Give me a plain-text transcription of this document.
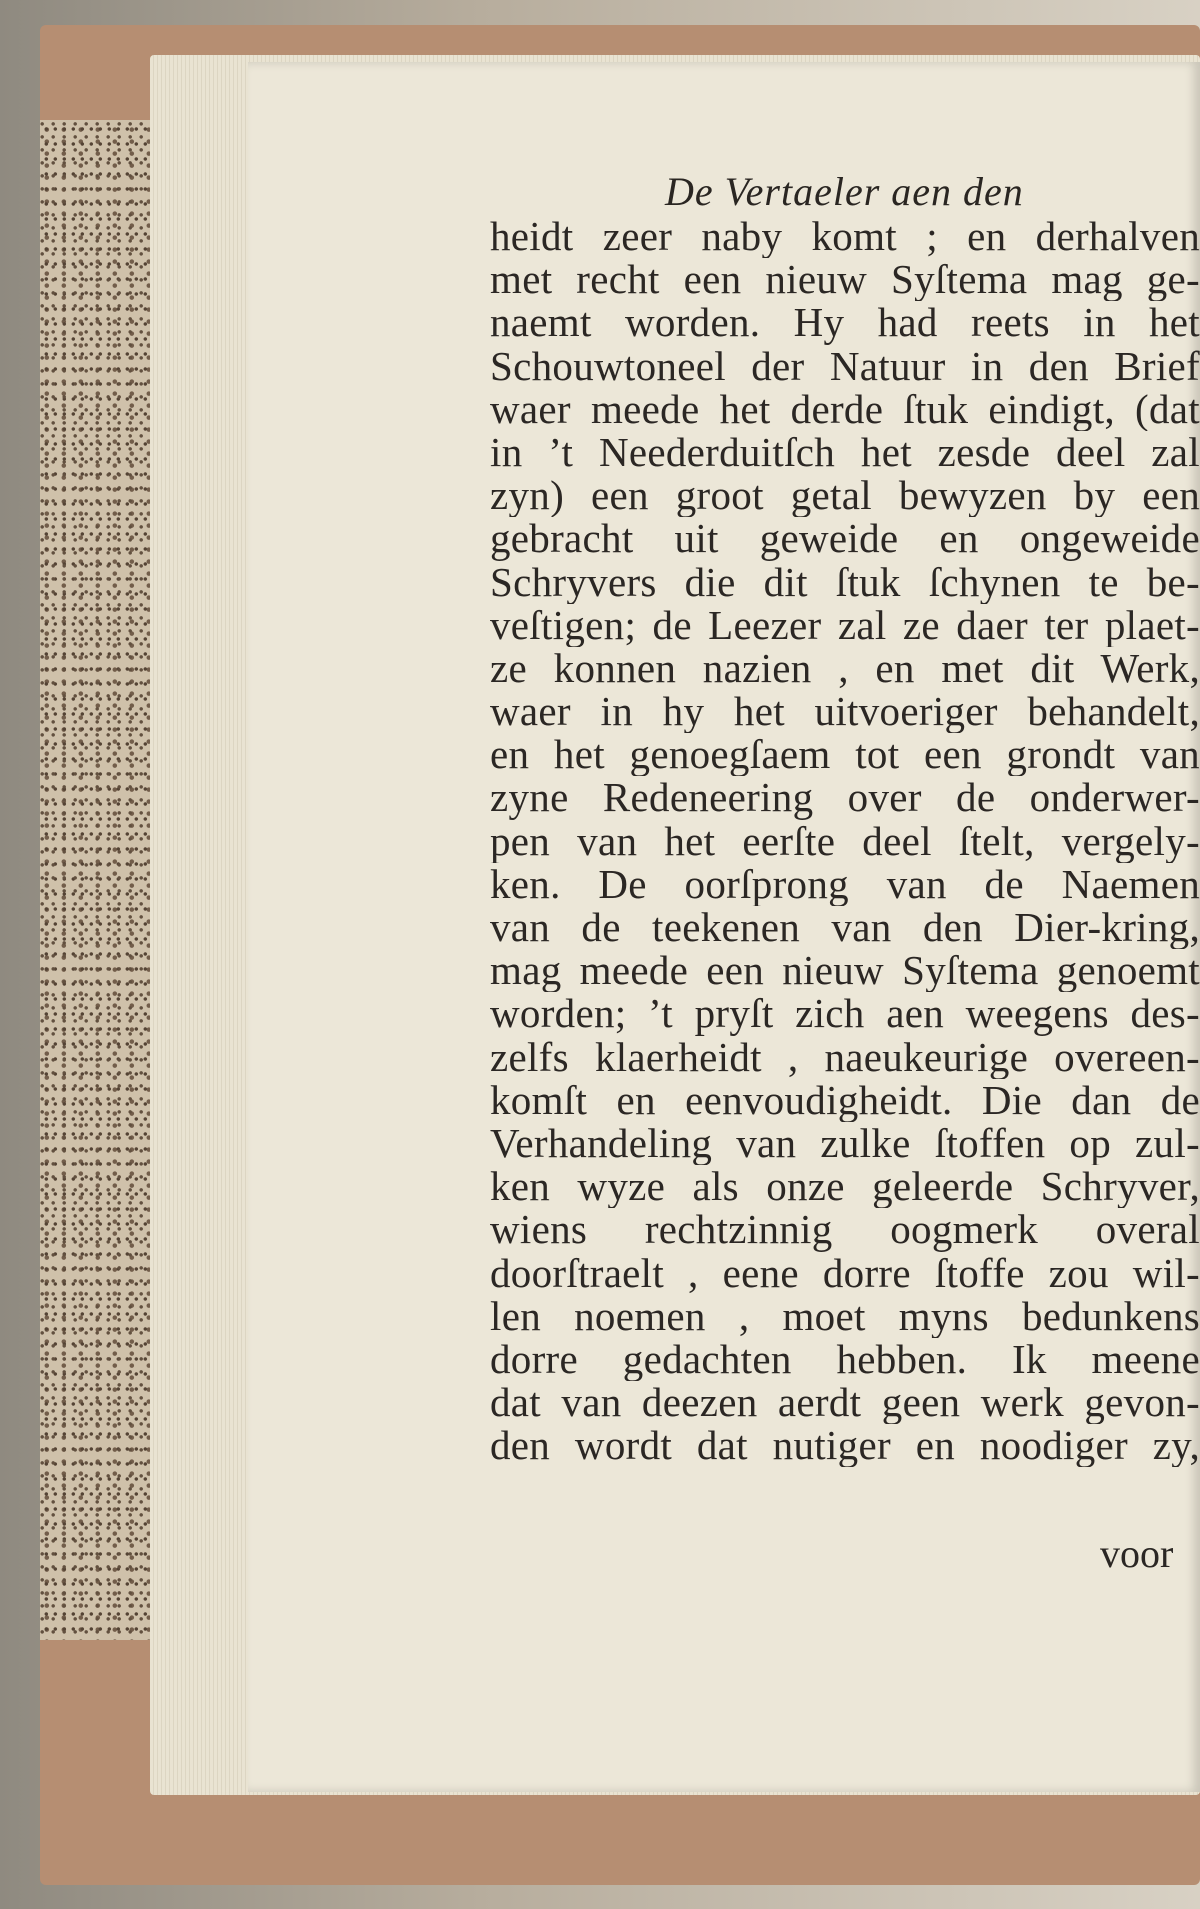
De Vertaeler aen den
heidt zeer naby komt ; en derhalven
met recht een nieuw Syſtema mag ge-
naemt worden. Hy had reets in het
Schouwtoneel der Natuur in den Brief
waer meede het derde ſtuk eindigt, (dat
in ’t Neederduitſch het zesde deel zal
zyn) een groot getal bewyzen by een
gebracht uit geweide en ongeweide
Schryvers die dit ſtuk ſchynen te be-
veſtigen; de Leezer zal ze daer ter plaet-
ze konnen nazien , en met dit Werk,
waer in hy het uitvoeriger behandelt,
en het genoegſaem tot een grondt van
zyne Redeneering over de onderwer-
pen van het eerſte deel ſtelt, vergely-
ken. De oorſprong van de Naemen
van de teekenen van den Dier-kring,
mag meede een nieuw Syſtema genoemt
worden; ’t pryſt zich aen weegens des-
zelfs klaerheidt , naeukeurige overeen-
komſt en eenvoudigheidt. Die dan de
Verhandeling van zulke ſtoffen op zul-
ken wyze als onze geleerde Schryver,
wiens rechtzinnig oogmerk overal
doorſtraelt , eene dorre ſtoffe zou wil-
len noemen , moet myns bedunkens
dorre gedachten hebben. Ik meene
dat van deezen aerdt geen werk gevon-
den wordt dat nutiger en noodiger zy,
voor
